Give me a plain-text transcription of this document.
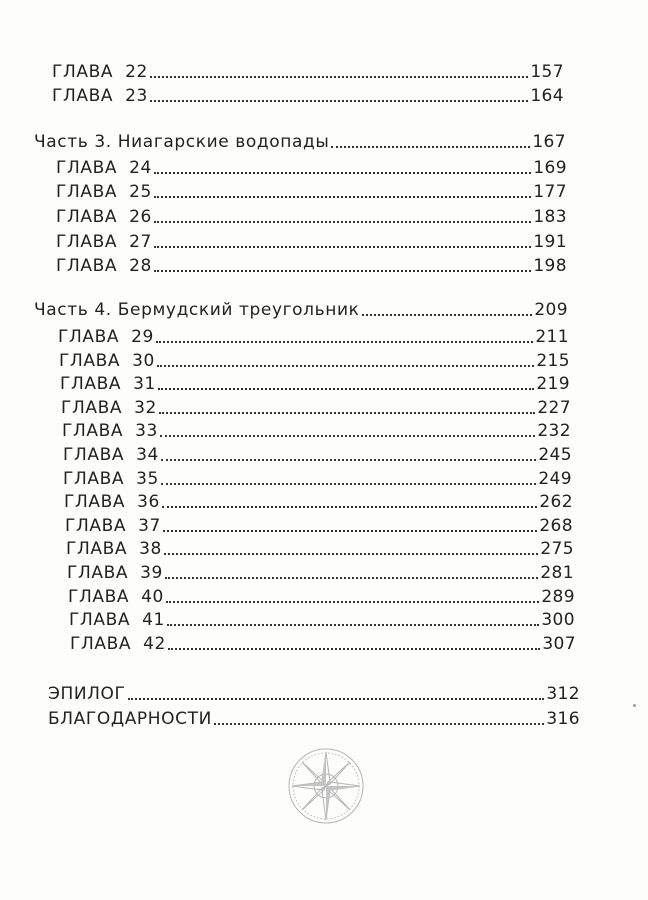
ГЛАВА 22	157
ГЛАВА 23	164
Часть 3. Ниагарские водопады	167
ГЛАВА 24	169
ГЛАВА 25	177
ГЛАВА 26	183
ГЛАВА 27	191
ГЛАВА 28	198
Часть 4. Бермудский треугольник	209
ГЛАВА 29	211
ГЛАВА 30	215
ГЛАВА 31	219
ГЛАВА 32	227
ГЛАВА 33	232
ГЛАВА 34	245
ГЛАВА 35	249
ГЛАВА 36	262
ГЛАВА 37	268
ГЛАВА 38	275
ГЛАВА 39	281
ГЛАВА 40	289
ГЛАВА 41	300
ГЛАВА 42	307
ЭПИЛОГ	312
БЛАГОДАРНОСТИ	316
